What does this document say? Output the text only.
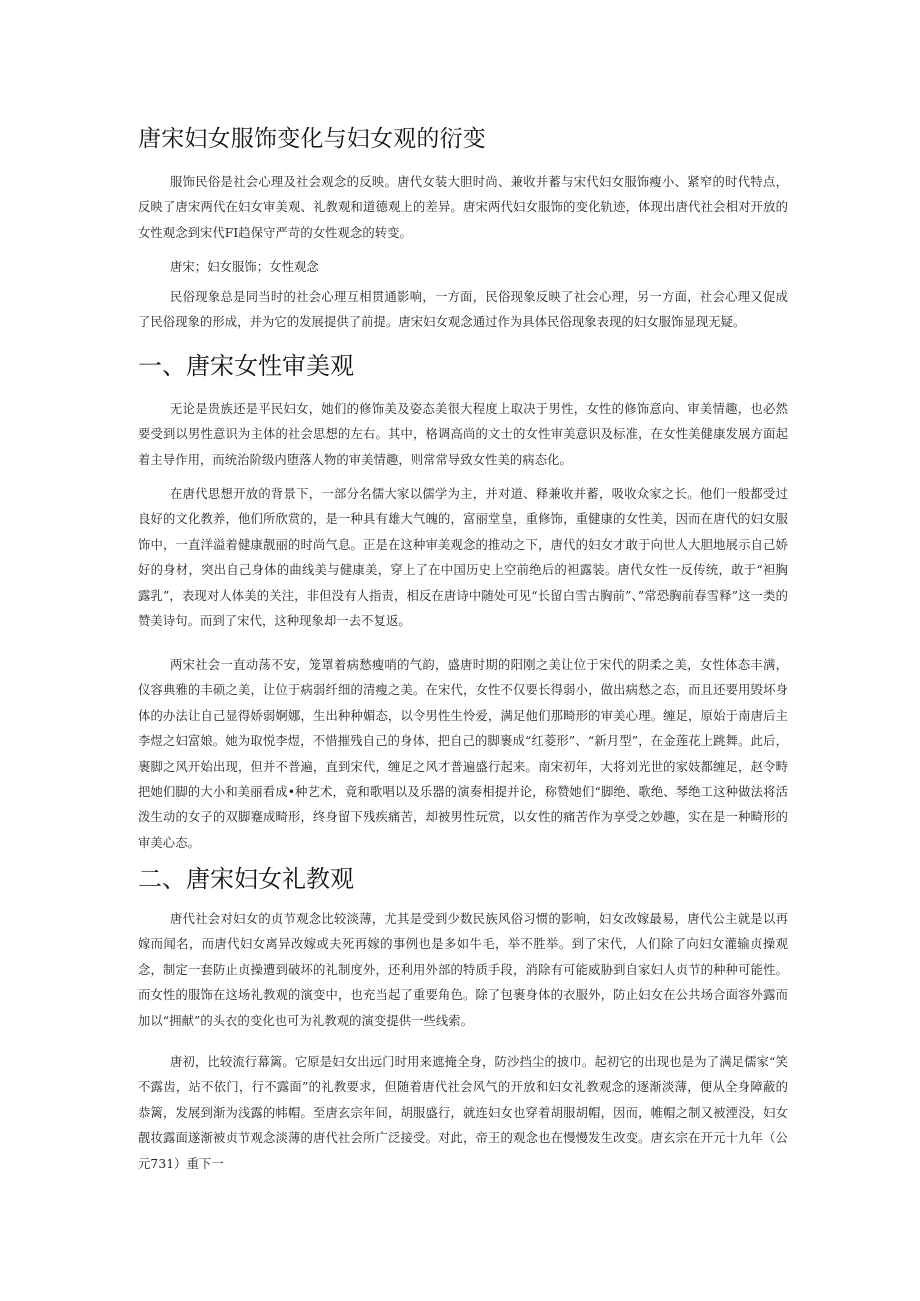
唐宋妇女服饰变化与妇女观的衍变

服饰民俗是社会心理及社会观念的反映。唐代女装大胆时尚、兼收并蓄与宋代妇女服饰瘦小、紧窄的时代特点，反映了唐宋两代在妇女审美观、礼教观和道德观上的差异。唐宋两代妇女服饰的变化轨迹，体现出唐代社会相对开放的女性观念到宋代FI趋保守严苛的女性观念的转变。

唐宋；妇女服饰；女性观念

民俗现象总是同当时的社会心理互相贯通影响，一方面，民俗现象反映了社会心理，另一方面，社会心理又促成了民俗现象的形成，并为它的发展提供了前提。唐宋妇女观念通过作为具体民俗现象表现的妇女服饰显现无疑。

一、唐宋女性审美观

无论是贵族还是平民妇女，她们的修饰美及姿态美很大程度上取决于男性，女性的修饰意向、审美情趣，也必然要受到以男性意识为主体的社会思想的左右。其中，格调高尚的文士的女性审美意识及标准，在女性美健康发展方面起着主导作用，而统治阶级内堕落人物的审美情趣，则常常导致女性美的病态化。

在唐代思想开放的背景下，一部分名儒大家以儒学为主，并对道、释兼收并蓄，吸收众家之长。他们一般都受过良好的文化教养，他们所欣赏的，是一种具有雄大气魄的，富丽堂皇，重修饰，重健康的女性美，因而在唐代的妇女服饰中，一直洋溢着健康靓丽的时尚气息。正是在这种审美观念的推动之下，唐代的妇女才敢于向世人大胆地展示自己娇好的身材，突出自己身体的曲线美与健康美，穿上了在中国历史上空前绝后的袒露装。唐代女性一反传统，敢于“袒胸露乳”，表现对人体美的关注，非但没有人指责，相反在唐诗中随处可见“长留白雪古胸前”、”常恐胸前春雪释”这一类的赞美诗句。而到了宋代，这种现象却一去不复返。

两宋社会一直动荡不安，笼罩着病愁瘦哨的气韵，盛唐时期的阳刚之美让位于宋代的阴柔之美，女性体态丰满，仪容典雅的丰硕之美，让位于病弱纤细的清瘦之美。在宋代，女性不仅要长得弱小，做出病愁之态，而且还要用毁坏身体的办法让自己显得娇弱婀娜，生出种种媚态，以令男性生怜爱，满足他们那畸形的审美心理。缠足，原始于南唐后主李煜之妇富娘。她为取悦李煜，不惜摧残自己的身体，把自己的脚裹成“红菱形”、“新月型”，在金莲花上跳舞。此后，裹脚之风开始出现，但并不普遍，直到宋代，缠足之风才普遍盛行起来。南宋初年，大将刘光世的家妓都缠足，赵令畤把她们脚的大小和美丽看成•种艺术，竟和歌唱以及乐器的演奏相提并论，称赞她们“脚绝、歌绝、琴绝工这种做法将活泼生动的女子的双脚蹇成畸形，终身留下残疾痛苦，却被男性玩赏，以女性的痛苦作为享受之妙趣，实在是一种畸形的审美心态。

二、唐宋妇女礼教观

唐代社会对妇女的贞节观念比较淡薄，尤其是受到少数民族风俗习惯的影响，妇女改嫁最易，唐代公主就是以再嫁而闻名，而唐代妇女离异改嫁或夫死再嫁的事例也是多如牛毛，举不胜举。到了宋代，人们除了向妇女灌输贞操观念，制定一套防止贞操遭到破坏的礼制度外，还利用外部的特质手段，消除有可能威胁到自家妇人贞节的种种可能性。而女性的服饰在这场礼教观的演变中，也充当起了重要角色。除了包裹身体的衣服外，防止妇女在公共场合面容外露而加以“拥献”的头衣的变化也可为礼教观的演变提供一些线索。

唐初，比较流行幕篱。它原是妇女出远门时用来遮掩全身，防沙挡尘的披巾。起初它的出现也是为了满足儒家“笑不露齿，站不依门，行不露面”的礼教要求，但随着唐代社会风气的开放和妇女礼教观念的逐渐淡薄，便从全身障蔽的恭篱，发展到渐为浅露的帏帽。至唐玄宗年间，胡服盛行，就连妇女也穿着胡服胡帽，因而，帷帽之制又被湮没，妇女靓妆露面遂渐被贞节观念淡薄的唐代社会所广泛接受。对此，帝王的观念也在慢慢发生改变。唐玄宗在开元十九年（公元731）重下一
